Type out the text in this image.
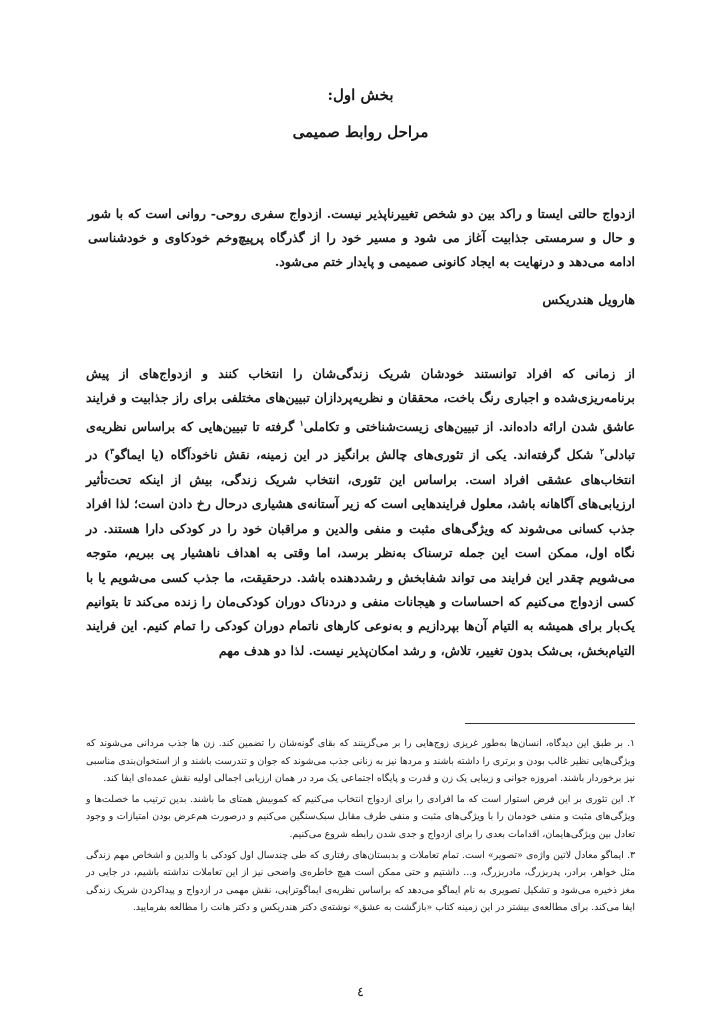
بخش اول:
مراحل روابط صمیمی
ازدواج حالتی ایستا و راکد بین دو شخص تغییرناپذیر نیست. ازدواج سفری روحی- روانی است که با شور و حال و سرمستی جذابیت آغاز می شود و مسیر خود را از گذرگاه پرپیچ‌وخم خودکاوی و خودشناسی ادامه می‌دهد و درنهایت به ایجاد کانونی صمیمی و پایدار ختم می‌شود.
هارویل هندریکس
از زمانی که افراد توانستند خودشان شریک زندگی‌شان را انتخاب کنند و ازدواج‌های از پیش برنامه‌ریزی‌شده و اجباری رنگ باخت، محققان و نظریه‌پردازان تبیین‌های مختلفی برای راز جذابیت و فرایند عاشق شدن ارائه داده‌اند. از تبیین‌های زیست‌شناختی و تکاملی$^۱$ گرفته تا تبیین‌هایی که براساس نظریه‌ی تبادلی$^۲$ شکل گرفته‌اند. یکی از تئوری‌های چالش برانگیز در این زمینه، نقش ناخودآگاه (یا ایماگو$^۳$) در انتخاب‌های عشقی افراد است. براساس این تئوری، انتخاب شریک زندگی، بیش از اینکه تحت‌تأثیر ارزیابی‌های آگاهانه باشد، معلول فرایندهایی است که زیر آستانه‌ی هشیاری درحال رخ دادن است؛ لذا افراد جذب کسانی می‌شوند که ویژگی‌های مثبت و منفی والدین و مراقبان خود را در کودکی دارا هستند. در نگاه اول، ممکن است این جمله ترسناک به‌نظر برسد، اما وقتی به اهداف ناهشیار پی ببریم، متوجه می‌شویم چقدر این فرایند می تواند شفابخش و رشددهنده باشد. درحقیقت، ما جذب کسی می‌شویم یا با کسی ازدواج می‌کنیم که احساسات و هیجانات منفی و دردناک دوران کودکی‌مان را زنده می‌کند تا بتوانیم یک‌بار برای همیشه به التیام آن‌ها بپردازیم و به‌نوعی کارهای ناتمام دوران کودکی را تمام کنیم. این فرایند التیام‌بخش، بی‌شک بدون تغییر، تلاش، و رشد امکان‌پذیر نیست. لذا دو هدف مهم

۱. بر طبق این دیدگاه، انسان‌ها به‌طور غریزی زوج‌هایی را بر می‌گزینند که بقای گونه‌شان را تضمین کند. زن ها جذب مردانی می‌شوند که ویژگی‌هایی نظیر غالب بودن و برتری را داشته باشند و مردها نیز به زنانی جذب می‌شوند که جوان و تندرست باشند و از استخوان‌بندی مناسبی نیز برخوردار باشند. امروزه جوانی و زیبایی یک زن و قدرت و پایگاه اجتماعی یک مرد در همان ارزیابی اجمالی اولیه نقش عمده‌ای ایفا کند.

۲. این تئوری بر این فرض استوار است که ما افرادی را برای ازدواج انتخاب می‌کنیم که کموبیش همتای ما باشند. بدین ترتیب ما خصلت‌ها و ویژگی‌های مثبت و منفی خودمان را با ویژگی‌های مثبت و منفی طرف مقابل سبک‌سنگین می‌کنیم و درصورت هم‌عرض بودن امتیازات و وجود تعادل بین ویژگی‌هایمان، اقدامات بعدی را برای ازدواج و جدی شدن رابطه شروع می‌کنیم.

۳. ایماگو معادل لاتین واژه‌ی «تصویر» است. تمام تعاملات و بدبستان‌های رفتاری که طی چندسال اول کودکی با والدین و اشخاص مهم زندگی مثل خواهر، برادر، پدربزرگ، مادربزرگ، و... داشتیم و حتی ممکن است هیچ خاطره‌ی واضحی نیز از این تعاملات نداشته باشیم، در جایی در مغز ذخیره می‌شود و تشکیل تصویری به نام ایماگو می‌دهد که براساس نظریه‌ی ایماگوتراپی، نقش مهمی در ازدواج و پیداکردن شریک زندگی ایفا می‌کند. برای مطالعه‌ی بیشتر در این زمینه کتاب «بازگشت به عشق» نوشته‌ی دکتر هندریکس و دکتر هانت را مطالعه بفرمایید.

٤
